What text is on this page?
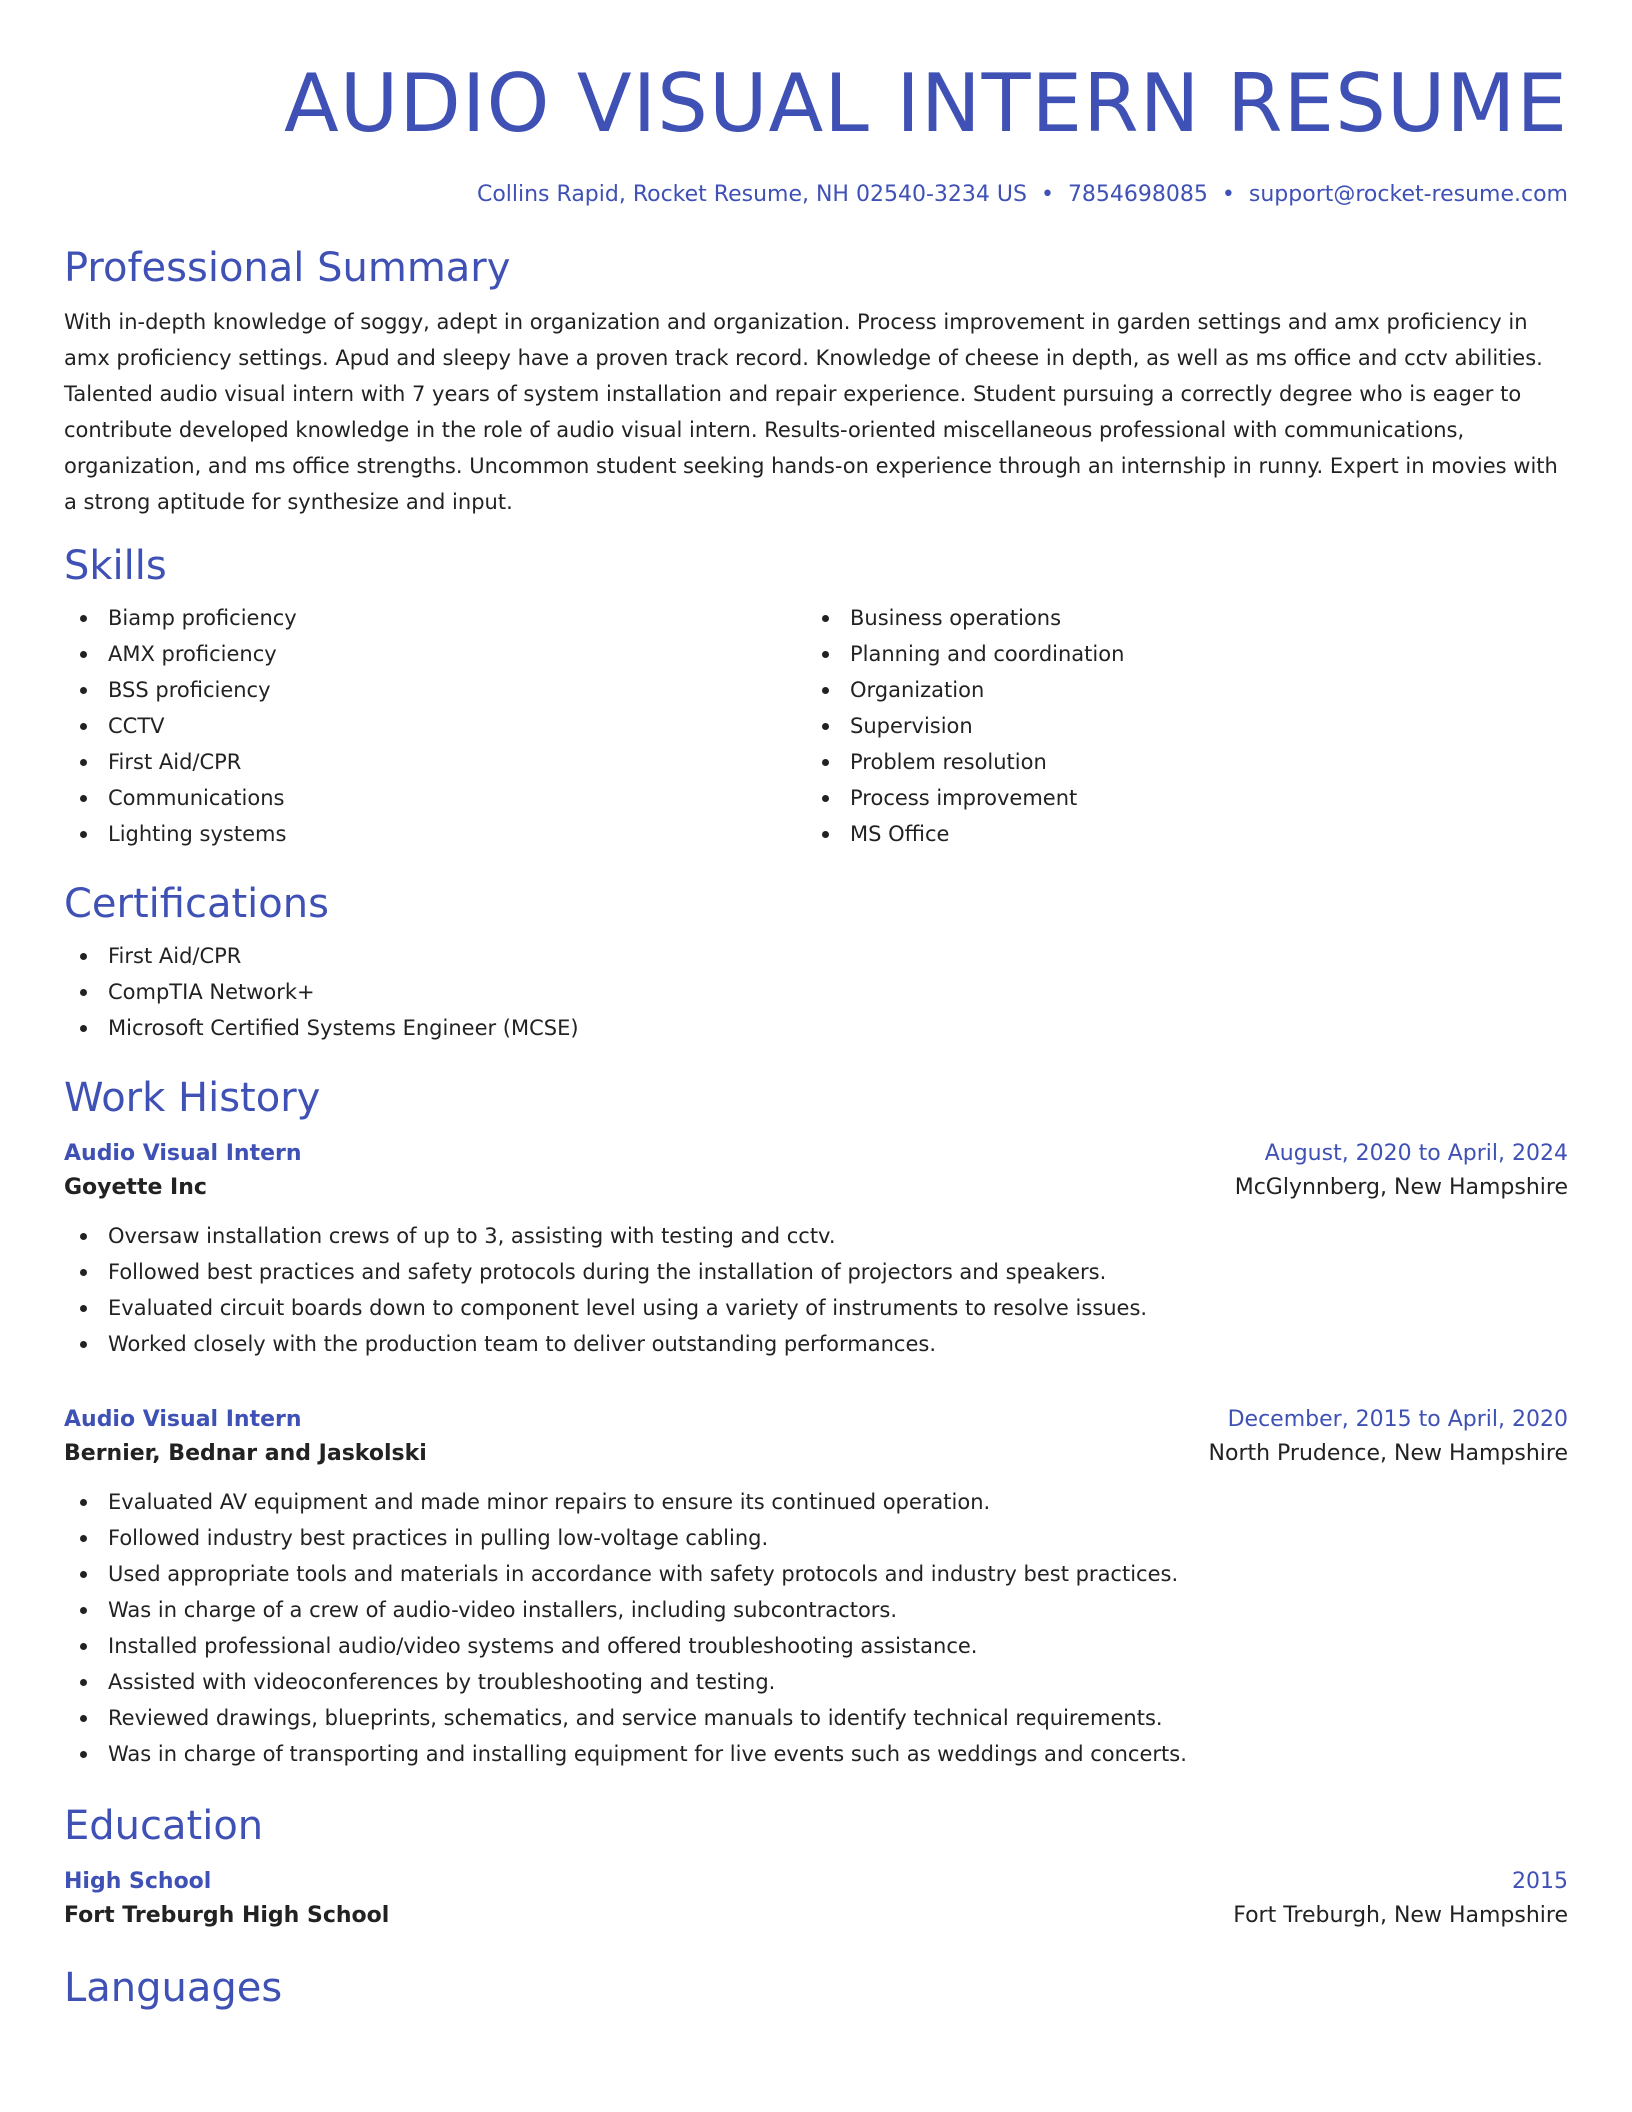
AUDIO VISUAL INTERN RESUME
Collins Rapid, Rocket Resume, NH 02540-3234 US • 7854698085 • support@rocket-resume.com
Professional Summary
With in-depth knowledge of soggy, adept in organization and organization. Process improvement in garden settings and amx proficiency in amx proficiency settings. Apud and sleepy have a proven track record. Knowledge of cheese in depth, as well as ms office and cctv abilities. Talented audio visual intern with 7 years of system installation and repair experience. Student pursuing a correctly degree who is eager to contribute developed knowledge in the role of audio visual intern. Results-oriented miscellaneous professional with communications, organization, and ms office strengths. Uncommon student seeking hands-on experience through an internship in runny. Expert in movies with a strong aptitude for synthesize and input.
Skills
Biamp proficiency
AMX proficiency
BSS proficiency
CCTV
First Aid/CPR
Communications
Lighting systems
Business operations
Planning and coordination
Organization
Supervision
Problem resolution
Process improvement
MS Office
Certifications
First Aid/CPR
CompTIA Network+
Microsoft Certified Systems Engineer (MCSE)
Work History
Audio Visual Intern	August, 2020 to April, 2024
Goyette Inc	McGlynnberg, New Hampshire
Oversaw installation crews of up to 3, assisting with testing and cctv.
Followed best practices and safety protocols during the installation of projectors and speakers.
Evaluated circuit boards down to component level using a variety of instruments to resolve issues.
Worked closely with the production team to deliver outstanding performances.
Audio Visual Intern	December, 2015 to April, 2020
Bernier, Bednar and Jaskolski	North Prudence, New Hampshire
Evaluated AV equipment and made minor repairs to ensure its continued operation.
Followed industry best practices in pulling low-voltage cabling.
Used appropriate tools and materials in accordance with safety protocols and industry best practices.
Was in charge of a crew of audio-video installers, including subcontractors.
Installed professional audio/video systems and offered troubleshooting assistance.
Assisted with videoconferences by troubleshooting and testing.
Reviewed drawings, blueprints, schematics, and service manuals to identify technical requirements.
Was in charge of transporting and installing equipment for live events such as weddings and concerts.
Education
High School	2015
Fort Treburgh High School	Fort Treburgh, New Hampshire
Languages
